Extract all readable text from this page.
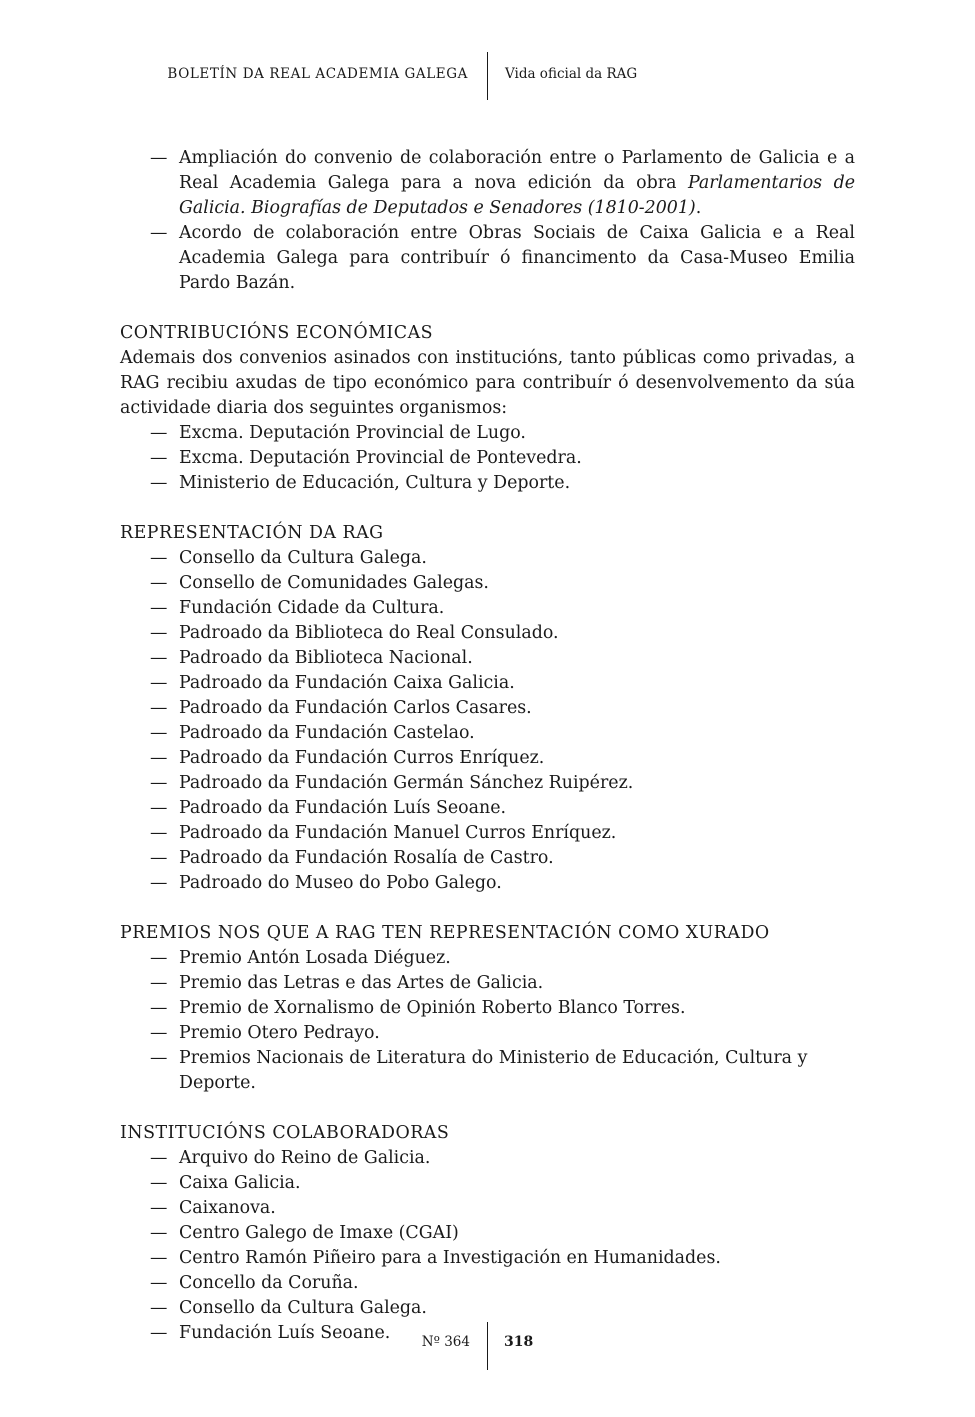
BOLETÍN DA REAL ACADEMIA GALEGA	Vida oficial da RAG
— Ampliación do convenio de colaboración entre o Parlamento de Galicia e a Real Academia Galega para a nova edición da obra Parlamentarios de Galicia. Biografías de Deputados e Senadores (1810-2001).
— Acordo de colaboración entre Obras Sociais de Caixa Galicia e a Real Academia Galega para contribuír ó financimento da Casa-Museo Emilia Pardo Bazán.
CONTRIBUCIÓNS ECONÓMICAS

Ademais dos convenios asinados con institucións, tanto públicas como privadas, a RAG recibiu axudas de tipo económico para contribuír ó desenvolvemento da súa actividade diaria dos seguintes organismos:

— Excma. Deputación Provincial de Lugo.
— Excma. Deputación Provincial de Pontevedra.
— Ministerio de Educación, Cultura y Deporte.
REPRESENTACIÓN DA RAG
— Consello da Cultura Galega.
— Consello de Comunidades Galegas.
— Fundación Cidade da Cultura.
— Padroado da Biblioteca do Real Consulado.
— Padroado da Biblioteca Nacional.
— Padroado da Fundación Caixa Galicia.
— Padroado da Fundación Carlos Casares.
— Padroado da Fundación Castelao.
— Padroado da Fundación Curros Enríquez.
— Padroado da Fundación Germán Sánchez Ruipérez.
— Padroado da Fundación Luís Seoane.
— Padroado da Fundación Manuel Curros Enríquez.
— Padroado da Fundación Rosalía de Castro.
— Padroado do Museo do Pobo Galego.
PREMIOS NOS QUE A RAG TEN REPRESENTACIÓN COMO XURADO
— Premio Antón Losada Diéguez.
— Premio das Letras e das Artes de Galicia.
— Premio de Xornalismo de Opinión Roberto Blanco Torres.
— Premio Otero Pedrayo.
— Premios Nacionais de Literatura do Ministerio de Educación, Cultura y Deporte.
INSTITUCIÓNS COLABORADORAS
— Arquivo do Reino de Galicia.
— Caixa Galicia.
— Caixanova.
— Centro Galego de Imaxe (CGAI)
— Centro Ramón Piñeiro para a Investigación en Humanidades.
— Concello da Coruña.
— Consello da Cultura Galega.
— Fundación Luís Seoane.	Nº 364 318
